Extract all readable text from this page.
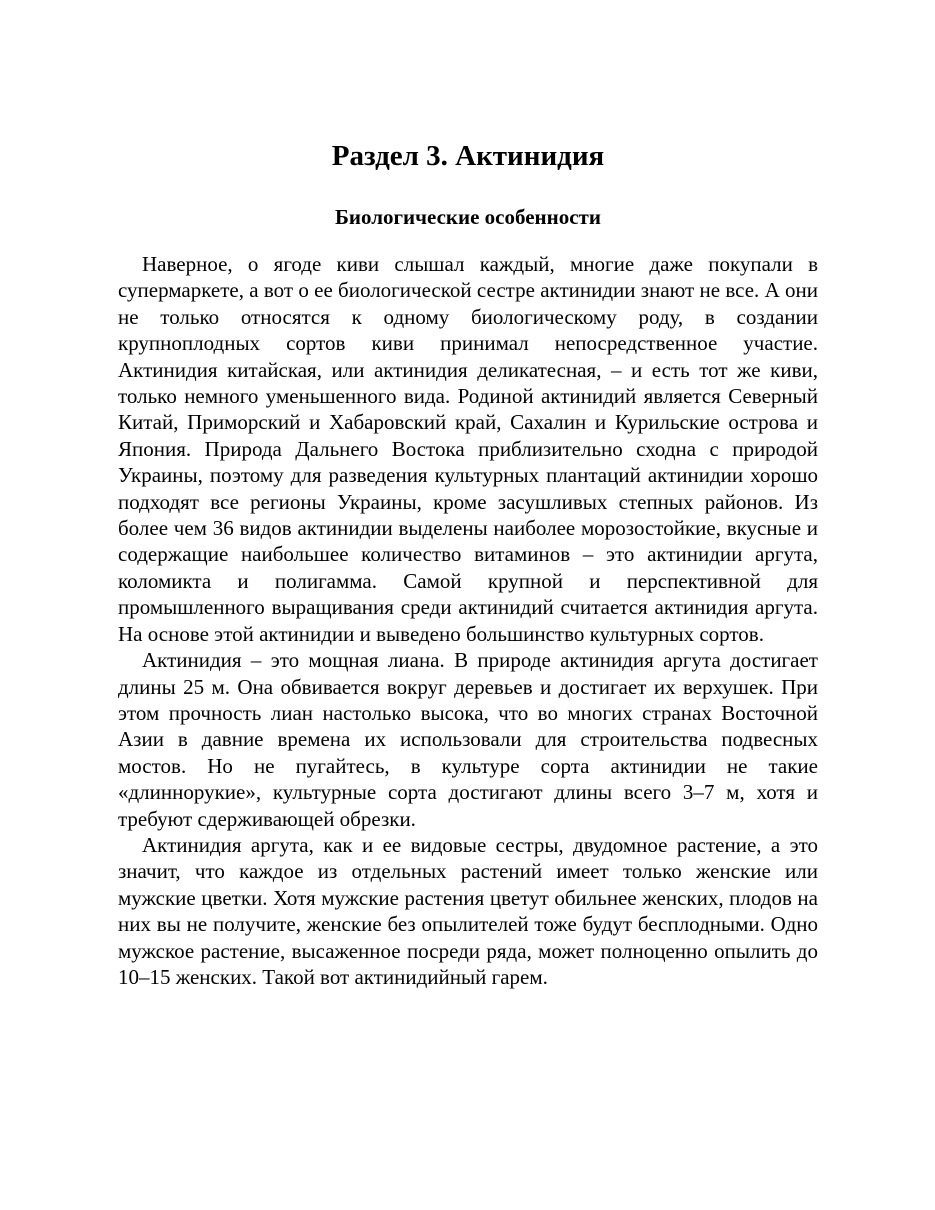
Раздел 3. Актинидия
Биологические особенности

Наверное, о ягоде киви слышал каждый, многие даже покупали в супермаркете, а вот о ее биологической сестре актинидии знают не все. А они не только относятся к одному биологическому роду, в создании крупноплодных сортов киви принимал непосредственное участие. Актинидия китайская, или актинидия деликатесная, – и есть тот же киви, только немного уменьшенного вида. Родиной актинидий является Северный Китай, Приморский и Хабаровский край, Сахалин и Курильские острова и Япония. Природа Дальнего Востока приблизительно сходна с природой Украины, поэтому для разведения культурных плантаций актинидии хорошо подходят все регионы Украины, кроме засушливых степных районов. Из более чем 36 видов актинидии выделены наиболее морозостойкие, вкусные и содержащие наибольшее количество витаминов – это актинидии аргута, коломикта и полигамма. Самой крупной и перспективной для промышленного выращивания среди актинидий считается актинидия аргута. На основе этой актинидии и выведено большинство культурных сортов.

Актинидия – это мощная лиана. В природе актинидия аргута достигает длины 25 м. Она обвивается вокруг деревьев и достигает их верхушек. При этом прочность лиан настолько высока, что во многих странах Восточной Азии в давние времена их использовали для строительства подвесных мостов. Но не пугайтесь, в культуре сорта актинидии не такие «длиннорукие», культурные сорта достигают длины всего 3–7 м, хотя и требуют сдерживающей обрезки.

Актинидия аргута, как и ее видовые сестры, двудомное растение, а это значит, что каждое из отдельных растений имеет только женские или мужские цветки. Хотя мужские растения цветут обильнее женских, плодов на них вы не получите, женские без опылителей тоже будут бесплодными. Одно мужское растение, высаженное посреди ряда, может полноценно опылить до 10–15 женских. Такой вот актинидийный гарем.
